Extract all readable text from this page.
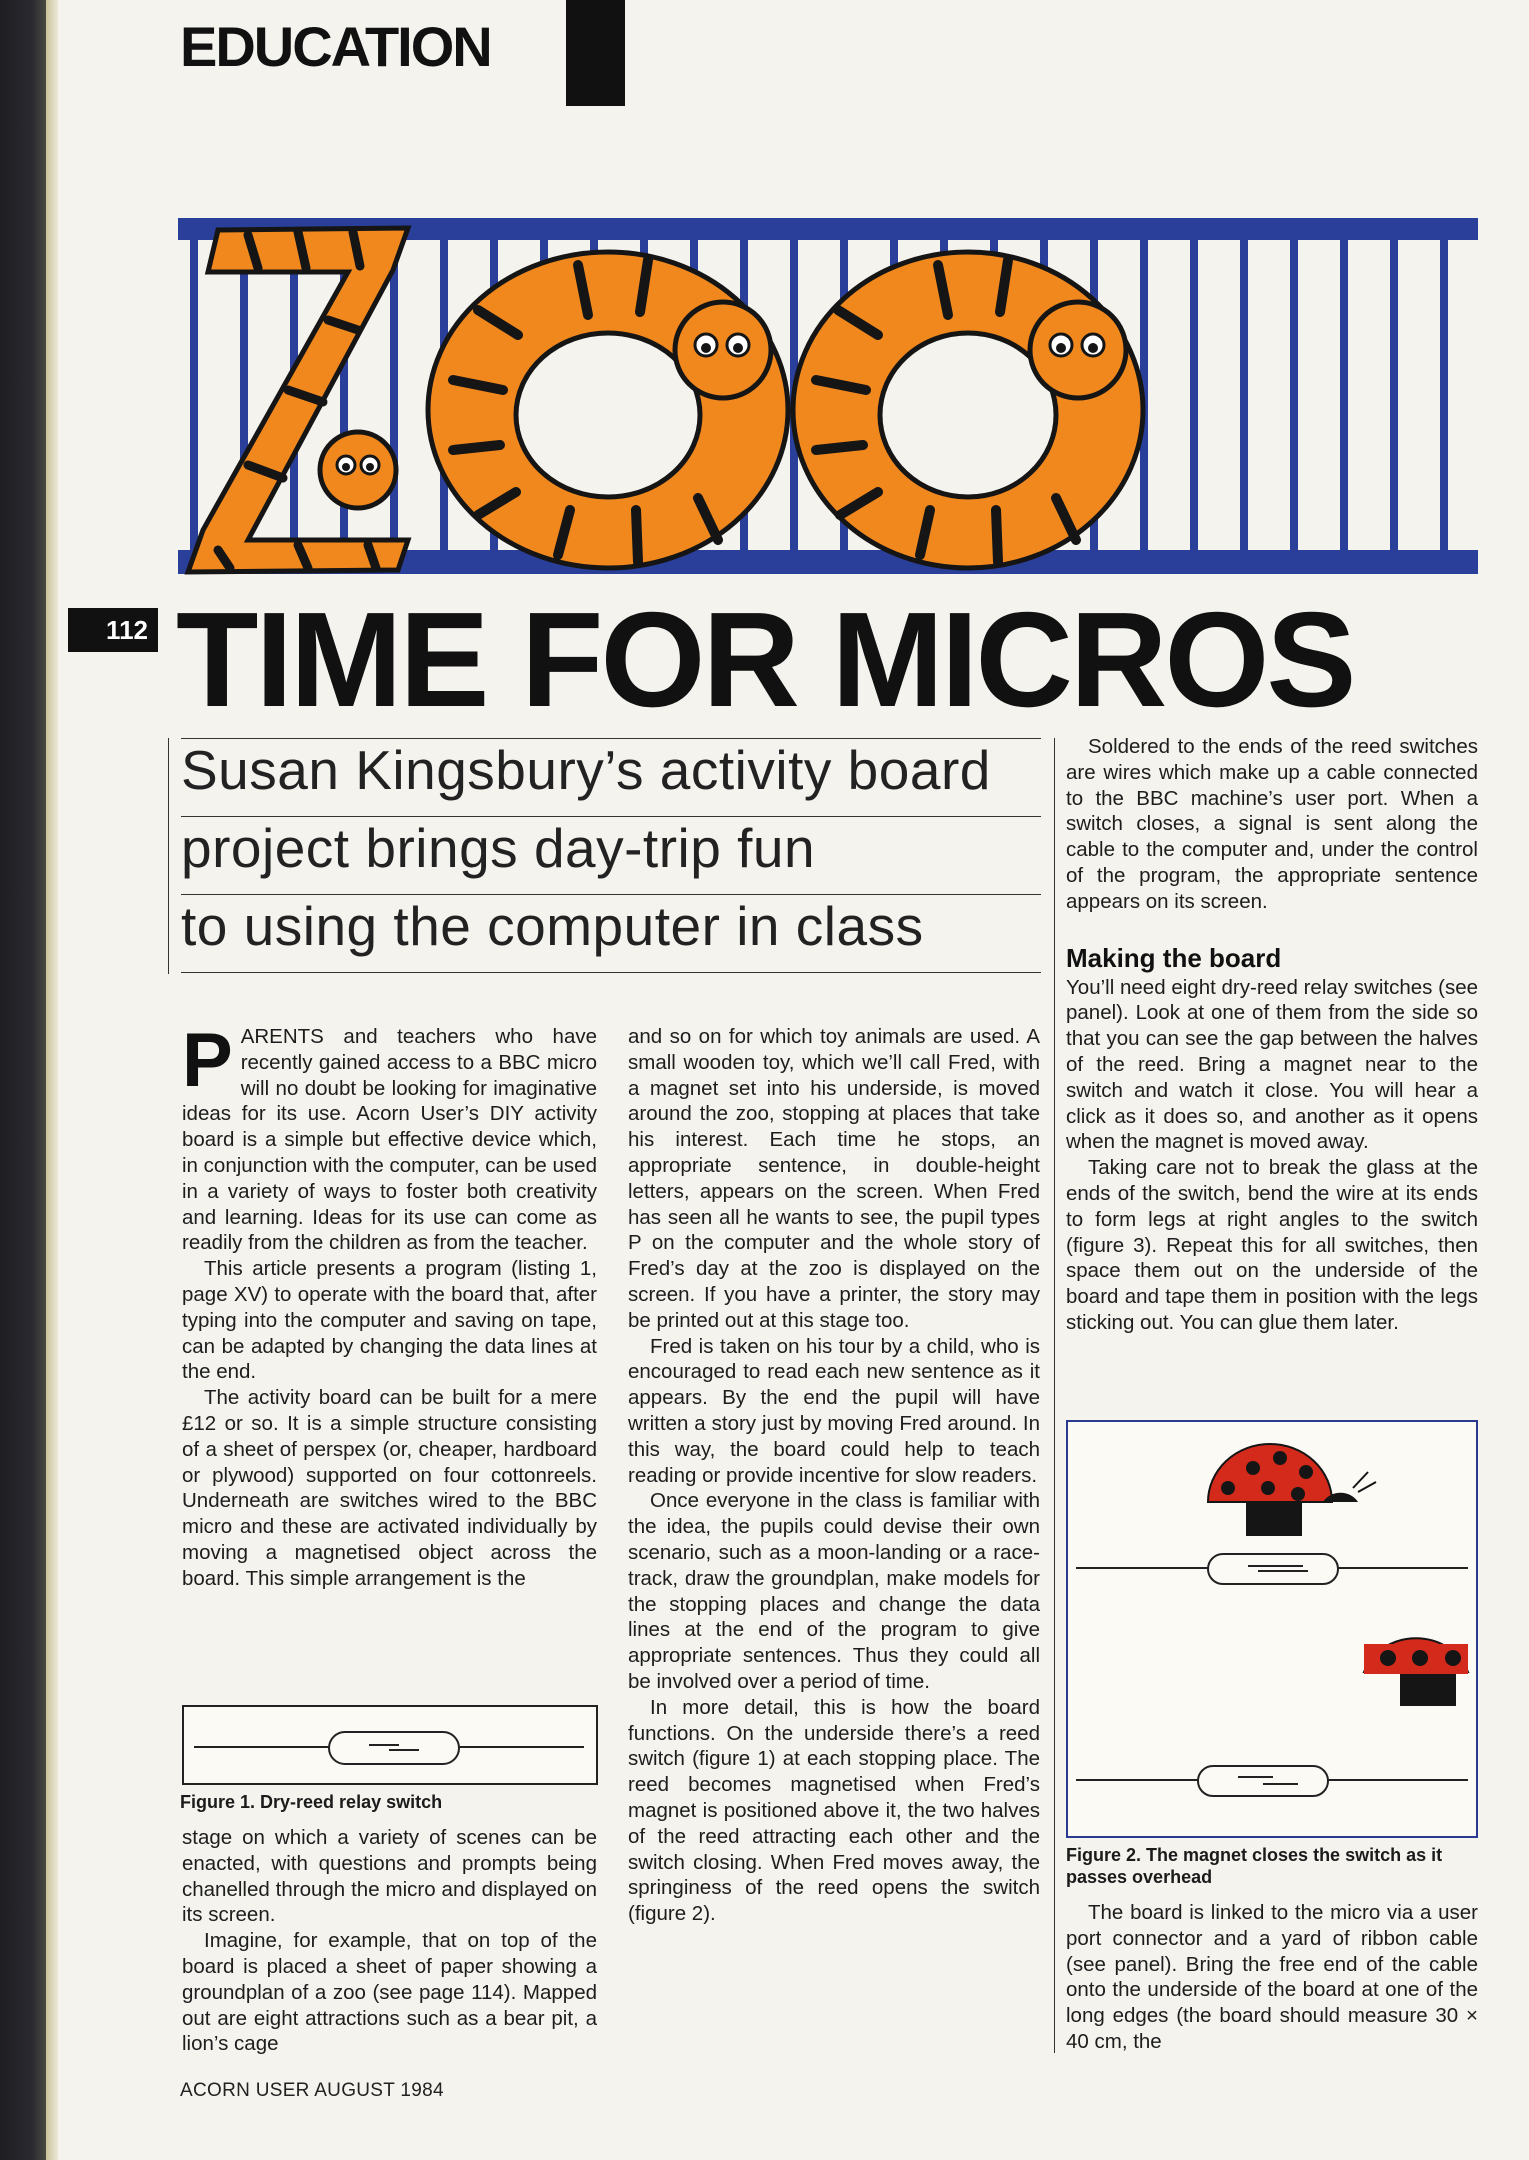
EDUCATION
112 TIME FOR MICROS
Susan Kingsbury’s activity board
project brings day-trip fun
to using the computer in class

PARENTS and teachers who have recently gained access to a BBC micro will no doubt be looking for imaginative ideas for its use. Acorn User’s DIY activity board is a simple but effective device which, in conjunction with the computer, can be used in a variety of ways to foster both creativity and learning. Ideas for its use can come as readily from the children as from the teacher.

This article presents a program (listing 1, page XV) to operate with the board that, after typing into the computer and saving on tape, can be adapted by changing the data lines at the end.

The activity board can be built for a mere £12 or so. It is a simple structure consisting of a sheet of perspex (or, cheaper, hardboard or plywood) supported on four cottonreels. Underneath are switches wired to the BBC micro and these are activated individually by moving a magnetised object across the board. This simple arrangement is the

Figure 1. Dry-reed relay switch

stage on which a variety of scenes can be enacted, with questions and prompts being chanelled through the micro and displayed on its screen.

Imagine, for example, that on top of the board is placed a sheet of paper showing a groundplan of a zoo (see page 114). Mapped out are eight attractions such as a bear pit, a lion’s cage

and so on for which toy animals are used. A small wooden toy, which we’ll call Fred, with a magnet set into his underside, is moved around the zoo, stopping at places that take his interest. Each time he stops, an appropriate sentence, in double-height letters, appears on the screen. When Fred has seen all he wants to see, the pupil types P on the computer and the whole story of Fred’s day at the zoo is displayed on the screen. If you have a printer, the story may be printed out at this stage too.

Fred is taken on his tour by a child, who is encouraged to read each new sentence as it appears. By the end the pupil will have written a story just by moving Fred around. In this way, the board could help to teach reading or provide incentive for slow readers.

Once everyone in the class is familiar with the idea, the pupils could devise their own scenario, such as a moon-landing or a race-track, draw the groundplan, make models for the stopping places and change the data lines at the end of the program to give appropriate sentences. Thus they could all be involved over a period of time.

In more detail, this is how the board functions. On the underside there’s a reed switch (figure 1) at each stopping place. The reed becomes magnetised when Fred’s magnet is positioned above it, the two halves of the reed attracting each other and the switch closing. When Fred moves away, the springiness of the reed opens the switch (figure 2).

Soldered to the ends of the reed switches are wires which make up a cable connected to the BBC machine’s user port. When a switch closes, a signal is sent along the cable to the computer and, under the control of the program, the appropriate sentence appears on its screen.

Making the board

You’ll need eight dry-reed relay switches (see panel). Look at one of them from the side so that you can see the gap between the halves of the reed. Bring a magnet near to the switch and watch it close. You will hear a click as it does so, and another as it opens when the magnet is moved away.

Taking care not to break the glass at the ends of the switch, bend the wire at its ends to form legs at right angles to the switch (figure 3). Repeat this for all switches, then space them out on the underside of the board and tape them in position with the legs sticking out. You can glue them later.

Figure 2. The magnet closes the switch as it passes overhead

The board is linked to the micro via a user port connector and a yard of ribbon cable (see panel). Bring the free end of the cable onto the underside of the board at one of the long edges (the board should measure 30 × 40 cm, the

ACORN USER AUGUST 1984
